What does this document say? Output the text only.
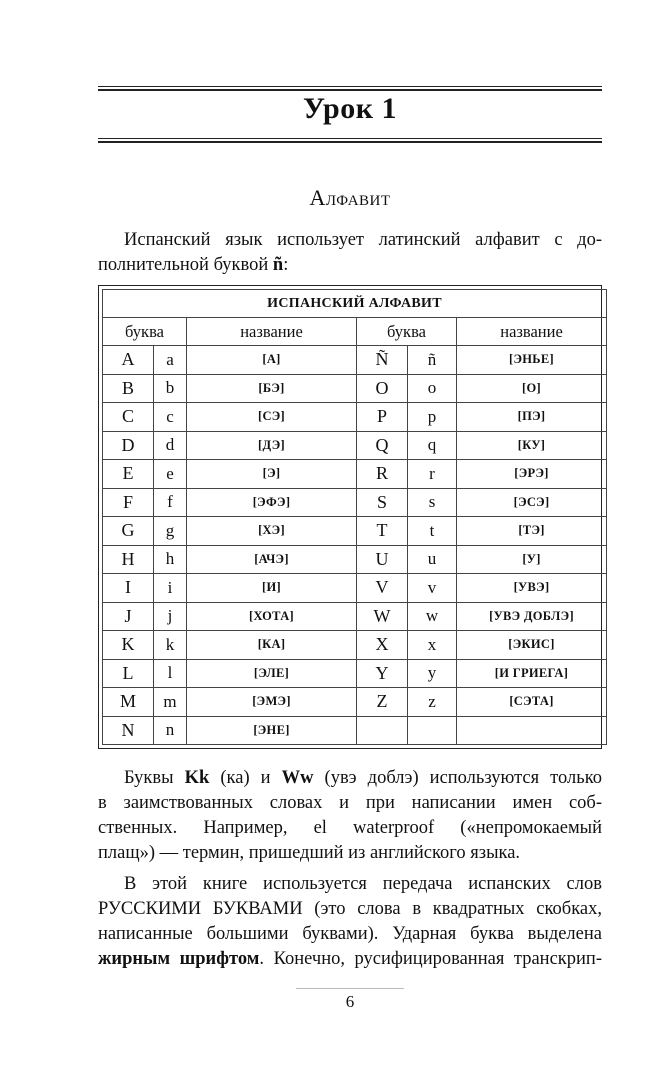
Урок 1
Алфавит
Испанский язык использует латинский алфавит с до-
полнительной буквой ñ:
ИСПАНСКИЙ АЛФАВИТ					
буква		название	буква		название
A	a	[А]	Ñ	ñ	[ЭНЬЕ]
B	b	[БЭ]	O	o	[О]
C	c	[СЭ]	P	p	[ПЭ]
D	d	[ДЭ]	Q	q	[КУ]
E	e	[Э]	R	r	[ЭРЭ]
F	f	[ЭФЭ]	S	s	[ЭСЭ]
G	g	[ХЭ]	T	t	[ТЭ]
H	h	[АЧЭ]	U	u	[У]
I	i	[И]	V	v	[УВЭ]
J	j	[ХОТА]	W	w	[УВЭ ДОБЛЭ]
K	k	[КА]	X	x	[ЭКИС]
L	l	[ЭЛЕ]	Y	y	[И ГРИЕГА]
M	m	[ЭМЭ]	Z	z	[СЭТА]
N	n	[ЭНЕ]			
Буквы Kk (ка) и Ww (увэ доблэ) используются только
в заимствованных словах и при написании имен соб-
ственных. Например, el waterproof («непромокаемый
плащ») — термин, пришедший из английского языка.
В этой книге используется передача испанских слов
РУССКИМИ БУКВАМИ (это слова в квадратных скобках,
написанные большими буквами). Ударная буква выделена
жирным шрифтом. Конечно, русифицированная транскрип-
6
